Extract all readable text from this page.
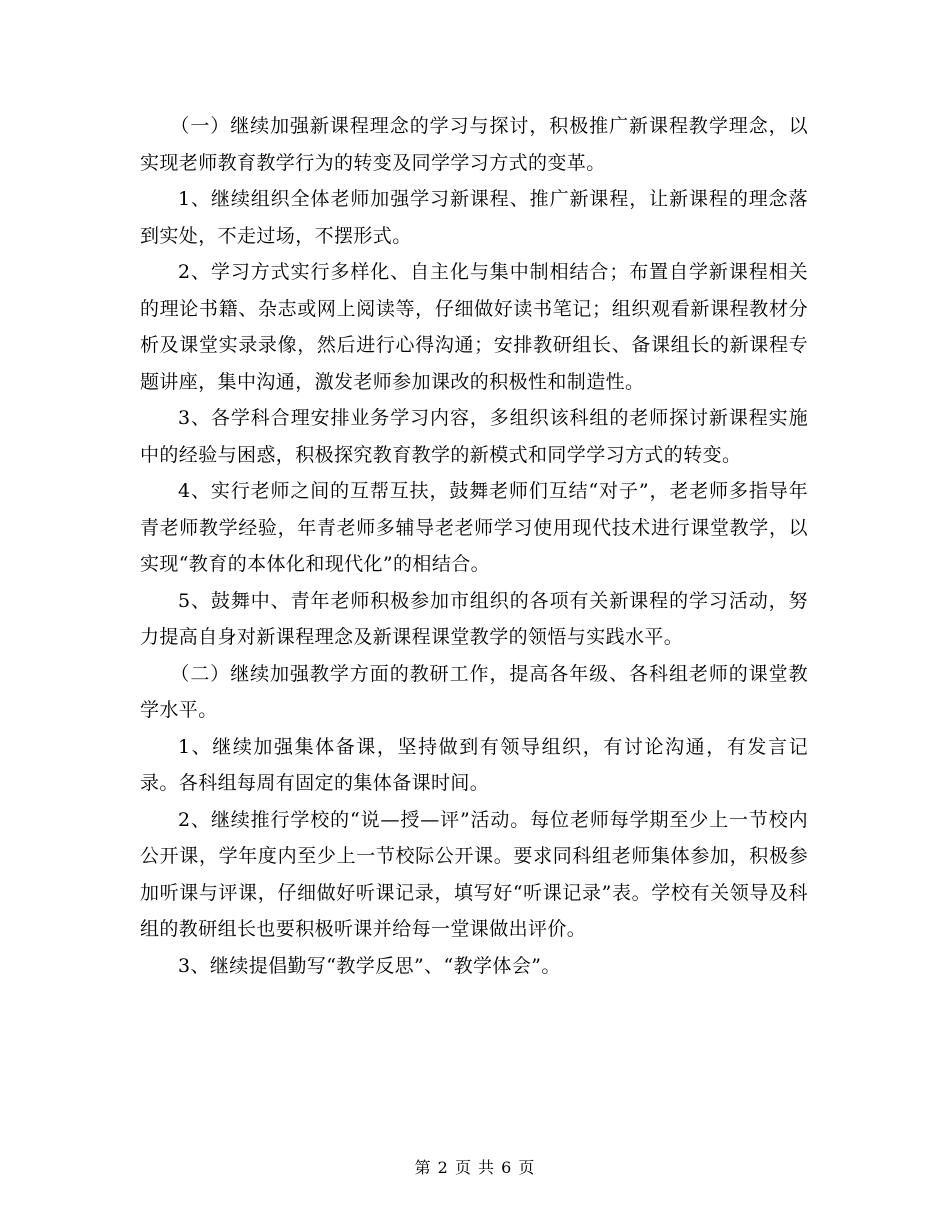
（一）继续加强新课程理念的学习与探讨，积极推广新课程教学理念，以实现老师教育教学行为的转变及同学学习方式的变革。

1、继续组织全体老师加强学习新课程、推广新课程，让新课程的理念落到实处，不走过场，不摆形式。

2、学习方式实行多样化、自主化与集中制相结合；布置自学新课程相关的理论书籍、杂志或网上阅读等，仔细做好读书笔记；组织观看新课程教材分析及课堂实录录像，然后进行心得沟通；安排教研组长、备课组长的新课程专题讲座，集中沟通，激发老师参加课改的积极性和制造性。

3、各学科合理安排业务学习内容，多组织该科组的老师探讨新课程实施中的经验与困惑，积极探究教育教学的新模式和同学学习方式的转变。

4、实行老师之间的互帮互扶，鼓舞老师们互结“对子”，老老师多指导年青老师教学经验，年青老师多辅导老老师学习使用现代技术进行课堂教学，以实现“教育的本体化和现代化”的相结合。

5、鼓舞中、青年老师积极参加市组织的各项有关新课程的学习活动，努力提高自身对新课程理念及新课程课堂教学的领悟与实践水平。

（二）继续加强教学方面的教研工作，提高各年级、各科组老师的课堂教学水平。

1、继续加强集体备课，坚持做到有领导组织，有讨论沟通，有发言记录。各科组每周有固定的集体备课时间。

2、继续推行学校的“说—授—评”活动。每位老师每学期至少上一节校内公开课，学年度内至少上一节校际公开课。要求同科组老师集体参加，积极参加听课与评课，仔细做好听课记录，填写好“听课记录”表。学校有关领导及科组的教研组长也要积极听课并给每一堂课做出评价。

3、继续提倡勤写“教学反思”、“教学体会”。

第 2 页 共 6 页
